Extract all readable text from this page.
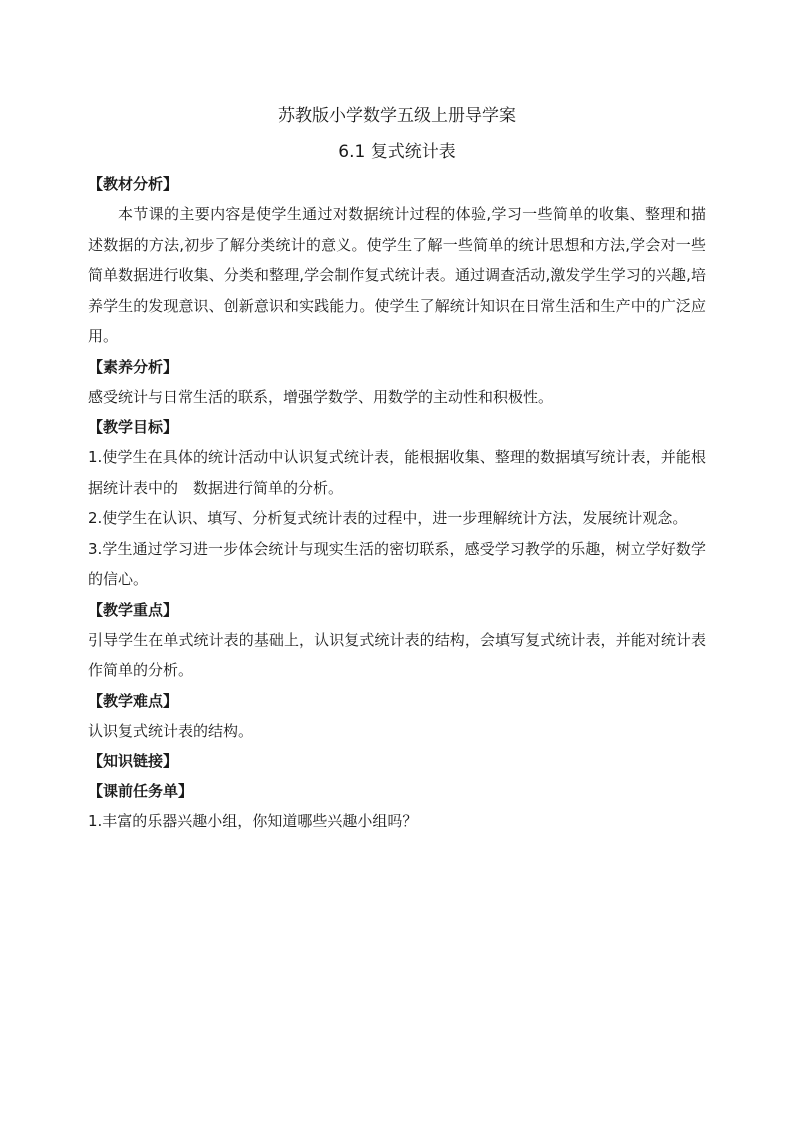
苏教版小学数学五级上册导学案
6.1 复式统计表

【教材分析】

本节课的主要内容是使学生通过对数据统计过程的体验,学习一些简单的收集、整理和描述数据的方法,初步了解分类统计的意义。使学生了解一些简单的统计思想和方法,学会对一些简单数据进行收集、分类和整理,学会制作复式统计表。通过调查活动,激发学生学习的兴趣,培养学生的发现意识、创新意识和实践能力。使学生了解统计知识在日常生活和生产中的广泛应用。

【素养分析】

感受统计与日常生活的联系，增强学数学、用数学的主动性和积极性。

【教学目标】

1.使学生在具体的统计活动中认识复式统计表，能根据收集、整理的数据填写统计表，并能根据统计表中的　数据进行简单的分析。

2.使学生在认识、填写、分析复式统计表的过程中，进一步理解统计方法，发展统计观念。

3.学生通过学习进一步体会统计与现实生活的密切联系，感受学习教学的乐趣，树立学好数学的信心。

【教学重点】

引导学生在单式统计表的基础上，认识复式统计表的结构，会填写复式统计表，并能对统计表作简单的分析。

【教学难点】

认识复式统计表的结构。

【知识链接】

【课前任务单】

1.丰富的乐器兴趣小组，你知道哪些兴趣小组吗？
